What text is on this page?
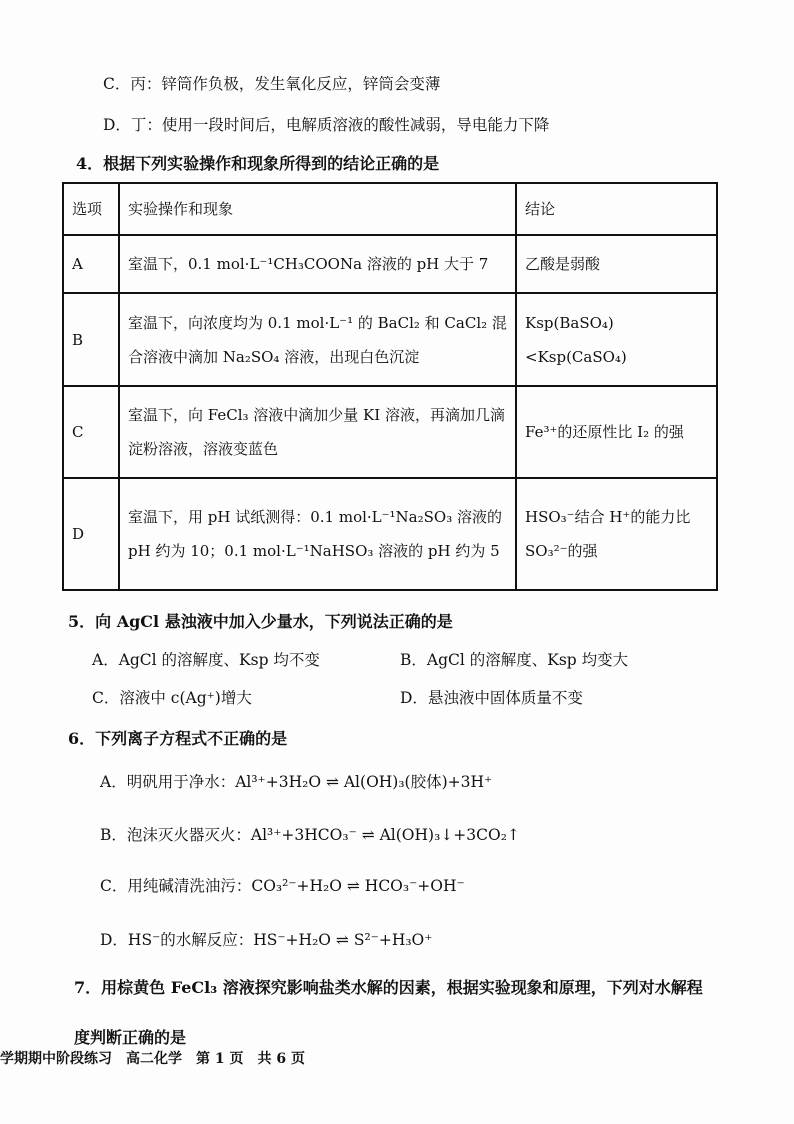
C．丙：锌筒作负极，发生氧化反应，锌筒会变薄
D．丁：使用一段时间后，电解质溶液的酸性减弱，导电能力下降
4．根据下列实验操作和现象所得到的结论正确的是
选项	实验操作和现象	结论
A	室温下，0.1 mol·L⁻¹CH₃COONa 溶液的 pH 大于 7	乙酸是弱酸
B	室温下，向浓度均为 0.1 mol·L⁻¹ 的 BaCl₂ 和 CaCl₂ 混合溶液中滴加 Na₂SO₄ 溶液，出现白色沉淀	Ksp(BaSO₄)<Ksp(CaSO₄)
C	室温下，向 FeCl₃ 溶液中滴加少量 KI 溶液，再滴加几滴淀粉溶液，溶液变蓝色	Fe³⁺的还原性比 I₂ 的强
D	室温下，用 pH 试纸测得：0.1 mol·L⁻¹Na₂SO₃ 溶液的 pH 约为 10；0.1 mol·L⁻¹NaHSO₃ 溶液的 pH 约为 5	HSO₃⁻结合 H⁺的能力比 SO₃²⁻的强
5．向 AgCl 悬浊液中加入少量水，下列说法正确的是
A．AgCl 的溶解度、Ksp 均不变	B．AgCl 的溶解度、Ksp 均变大
C．溶液中 c(Ag⁺)增大	D．悬浊液中固体质量不变
6．下列离子方程式不正确的是
A．明矾用于净水：Al³⁺+3H₂O ⇌ Al(OH)₃(胶体)+3H⁺
B．泡沫灭火器灭火：Al³⁺+3HCO₃⁻ ⇌ Al(OH)₃↓+3CO₂↑
C．用纯碱清洗油污：CO₃²⁻+H₂O ⇌ HCO₃⁻+OH⁻
D．HS⁻的水解反应：HS⁻+H₂O ⇌ S²⁻+H₃O⁺
7．用棕黄色 FeCl₃ 溶液探究影响盐类水解的因素，根据实验现象和原理，下列对水解程
度判断正确的是
学期期中阶段练习　高二化学　第 1 页　共 6 页
